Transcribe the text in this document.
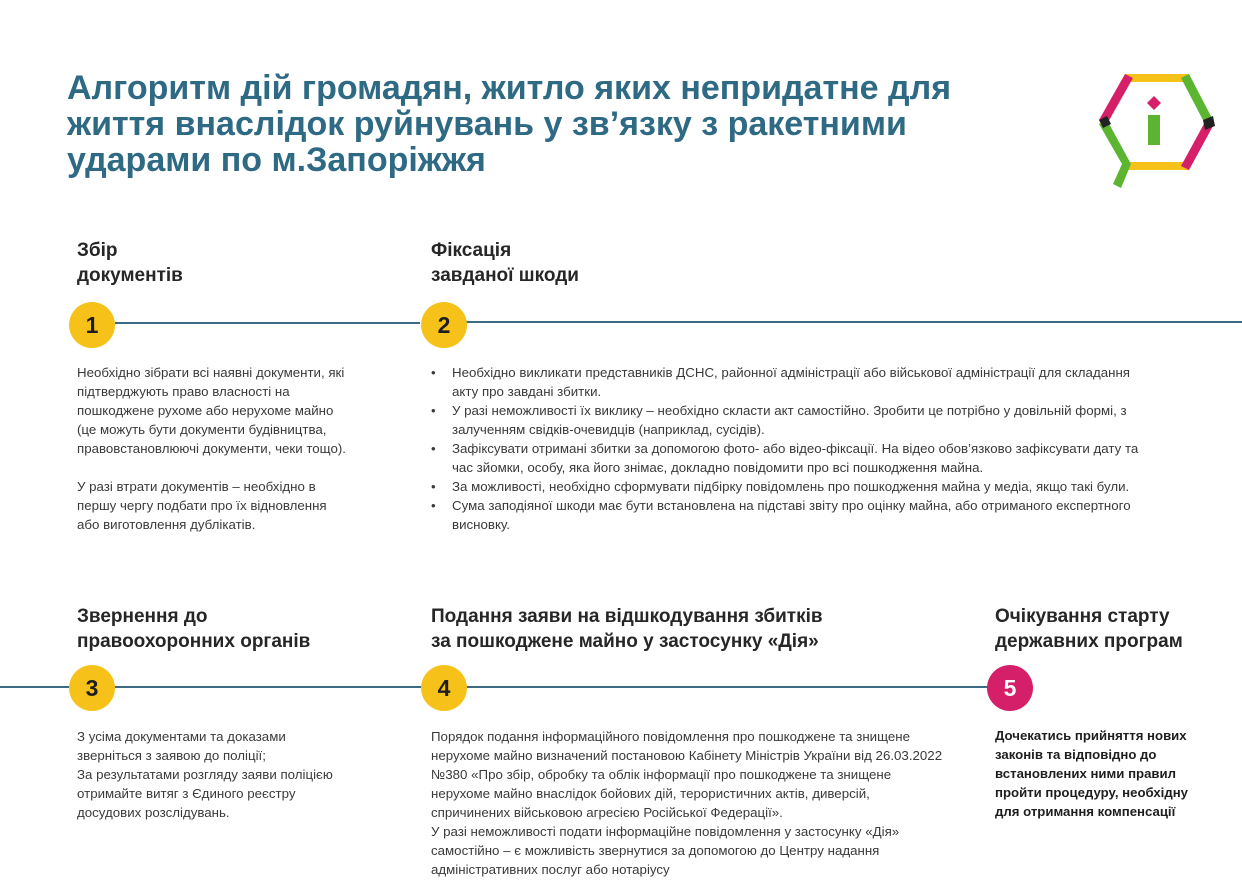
Алгоритм дій громадян, житло яких непридатне для життя внаслідок руйнувань у зв’язку з ракетними ударами по м.Запоріжжя
Збір
документів
1

Необхідно зібрати всі наявні документи, які підтверджують право власності на пошкоджене рухоме або нерухоме майно (це можуть бути документи будівництва, правовстановлюючі документи, чеки тощо).

У разі втрати документів – необхідно в першу чергу подбати про їх відновлення або виготовлення дублікатів.

Фіксація
завданої шкоди
2
• Необхідно викликати представників ДСНС, районної адміністрації або військової адміністрації для складання акту про завдані збитки.
• У разі неможливості їх виклику – необхідно скласти акт самостійно. Зробити це потрібно у довільній формі, з залученням свідків-очевидців (наприклад, сусідів).
• Зафіксувати отримані збитки за допомогою фото- або відео-фіксації. На відео обов’язково зафіксувати дату та час зйомки, особу, яка його знімає, докладно повідомити про всі пошкодження майна.
• За можливості, необхідно сформувати підбірку повідомлень про пошкодження майна у медіа, якщо такі були.
• Сума заподіяної шкоди має бути встановлена на підставі звіту про оцінку майна, або отриманого експертного висновку.
Звернення до
правоохоронних органів
3

З усіма документами та доказами зверніться з заявою до поліції;

За результатами розгляду заяви поліцією отримайте витяг з Єдиного реєстру досудових розслідувань.

Подання заяви на відшкодування збитків
за пошкоджене майно у застосунку «Дія»
4

Порядок подання інформаційного повідомлення про пошкоджене та знищене нерухоме майно визначений постановою Кабінету Міністрів України від 26.03.2022 №380 «Про збір, обробку та облік інформації про пошкоджене та знищене нерухоме майно внаслідок бойових дій, терористичних актів, диверсій, спричинених військовою агресією Російської Федерації».

У разі неможливості подати інформаційне повідомлення у застосунку «Дія» самостійно – є можливість звернутися за допомогою до Центру надання адміністративних послуг або нотаріусу

Очікування старту
державних програм
5

Дочекатись прийняття нових законів та відповідно до встановлених ними правил пройти процедуру, необхідну для отримання компенсації
